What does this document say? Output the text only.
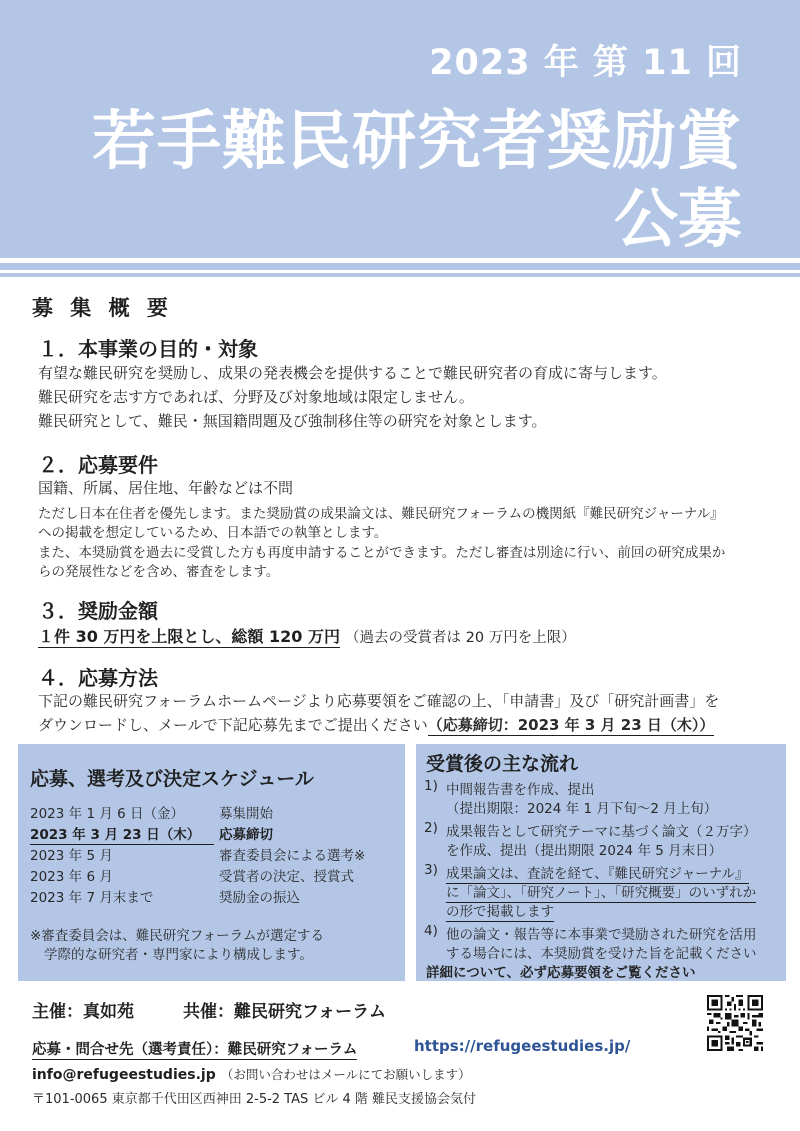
2023 年 第 11 回
若手難民研究者奨励賞
公募
募 集 概 要
１．本事業の目的・対象
有望な難民研究を奨励し、成果の発表機会を提供することで難民研究者の育成に寄与します。
難民研究を志す方であれば、分野及び対象地域は限定しません。
難民研究として、難民・無国籍問題及び強制移住等の研究を対象とします。
２．応募要件
国籍、所属、居住地、年齢などは不問
ただし日本在住者を優先します。また奨励賞の成果論文は、難民研究フォーラムの機関紙『難民研究ジャーナル』
への掲載を想定しているため、日本語での執筆とします。
また、本奨励賞を過去に受賞した方も再度申請することができます。ただし審査は別途に行い、前回の研究成果か
らの発展性などを含め、審査をします。
３．奨励金額
１件 30 万円を上限とし、総額 120 万円 （過去の受賞者は 20 万円を上限）
４．応募方法
下記の難民研究フォーラムホームページより応募要領をご確認の上、「申請書」及び「研究計画書」を
ダウンロードし、メールで下記応募先までご提出ください（応募締切：2023 年 3 月 23 日（木））
応募、選考及び決定スケジュール
2023 年 1 月 6 日（金）	募集開始
2023 年 3 月 23 日（木）	応募締切
2023 年 5 月	審査委員会による選考※
2023 年 6 月	受賞者の決定、授賞式
2023 年 7 月末まで	奨励金の振込
※審査委員会は、難民研究フォーラムが選定する
学際的な研究者・専門家により構成します。
受賞後の主な流れ
1) 中間報告書を作成、提出
（提出期限：2024 年 1 月下旬〜2 月上旬）
2) 成果報告として研究テーマに基づく論文（２万字）
を作成、提出（提出期限 2024 年 5 月末日）
3) 成果論文は、査読を経て、『難民研究ジャーナル』
に「論文」、「研究ノート」、「研究概要」のいずれか
の形で掲載します
4) 他の論文・報告等に本事業で奨励された研究を活用
する場合には、本奨励賞を受けた旨を記載ください
詳細について、必ず応募要領をご覧ください
主催：真如苑	共催：難民研究フォーラム
応募・問合せ先（選考責任）：難民研究フォーラム	https://refugeestudies.jp/
info@refugeestudies.jp （お問い合わせはメールにてお願いします）
〒101-0065 東京都千代田区西神田 2-5-2 TAS ビル 4 階 難民支援協会気付
